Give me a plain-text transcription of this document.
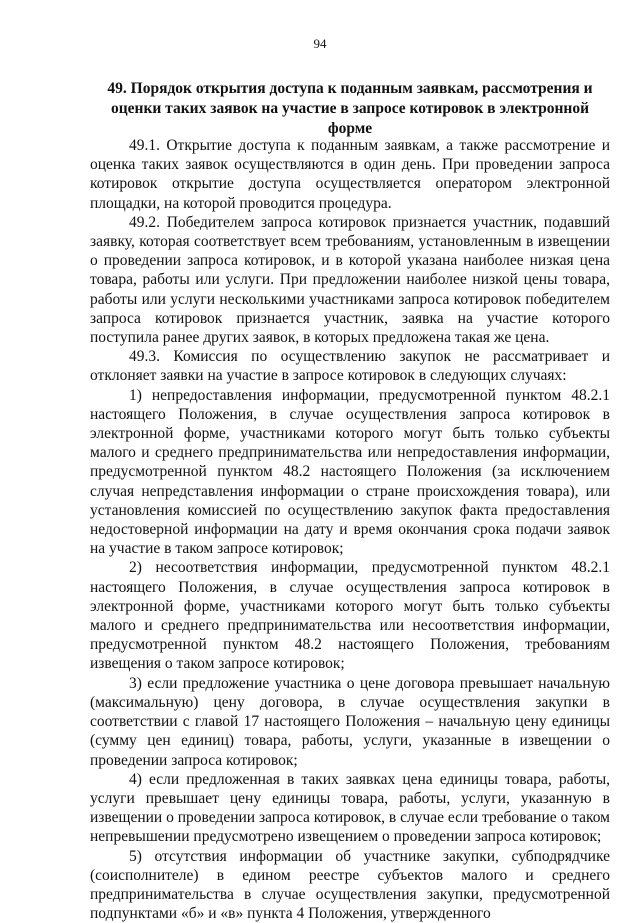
94
49. Порядок открытия доступа к поданным заявкам, рассмотрения и оценки таких заявок на участие в запросе котировок в электронной форме

49.1. Открытие доступа к поданным заявкам, а также рассмотрение и оценка таких заявок осуществляются в один день. При проведении запроса котировок открытие доступа осуществляется оператором электронной площадки, на которой проводится процедура.

49.2. Победителем запроса котировок признается участник, подавший заявку, которая соответствует всем требованиям, установленным в извещении о проведении запроса котировок, и в которой указана наиболее низкая цена товара, работы или услуги. При предложении наиболее низкой цены товара, работы или услуги несколькими участниками запроса котировок победителем запроса котировок признается участник, заявка на участие которого поступила ранее других заявок, в которых предложена такая же цена.

49.3. Комиссия по осуществлению закупок не рассматривает и отклоняет заявки на участие в запросе котировок в следующих случаях:

1) непредоставления информации, предусмотренной пунктом 48.2.1 настоящего Положения, в случае осуществления запроса котировок в электронной форме, участниками которого могут быть только субъекты малого и среднего предпринимательства или непредоставления информации, предусмотренной пунктом 48.2 настоящего Положения (за исключением случая непредставления информации о стране происхождения товара), или установления комиссией по осуществлению закупок факта предоставления недостоверной информации на дату и время окончания срока подачи заявок на участие в таком запросе котировок;

2) несоответствия информации, предусмотренной пунктом 48.2.1 настоящего Положения, в случае осуществления запроса котировок в электронной форме, участниками которого могут быть только субъекты малого и среднего предпринимательства или несоответствия информации, предусмотренной пунктом 48.2 настоящего Положения, требованиям извещения о таком запросе котировок;

3) если предложение участника о цене договора превышает начальную (максимальную) цену договора, в случае осуществления закупки в соответствии с главой 17 настоящего Положения – начальную цену единицы (сумму цен единиц) товара, работы, услуги, указанные в извещении о проведении запроса котировок;

4) если предложенная в таких заявках цена единицы товара, работы, услуги превышает цену единицы товара, работы, услуги, указанную в извещении о проведении запроса котировок, в случае если требование о таком непревышении предусмотрено извещением о проведении запроса котировок;

5) отсутствия информации об участнике закупки, субподрядчике (соисполнителе) в едином реестре субъектов малого и среднего предпринимательства в случае осуществления закупки, предусмотренной подпунктами «б» и «в» пункта 4 Положения, утвержденного
